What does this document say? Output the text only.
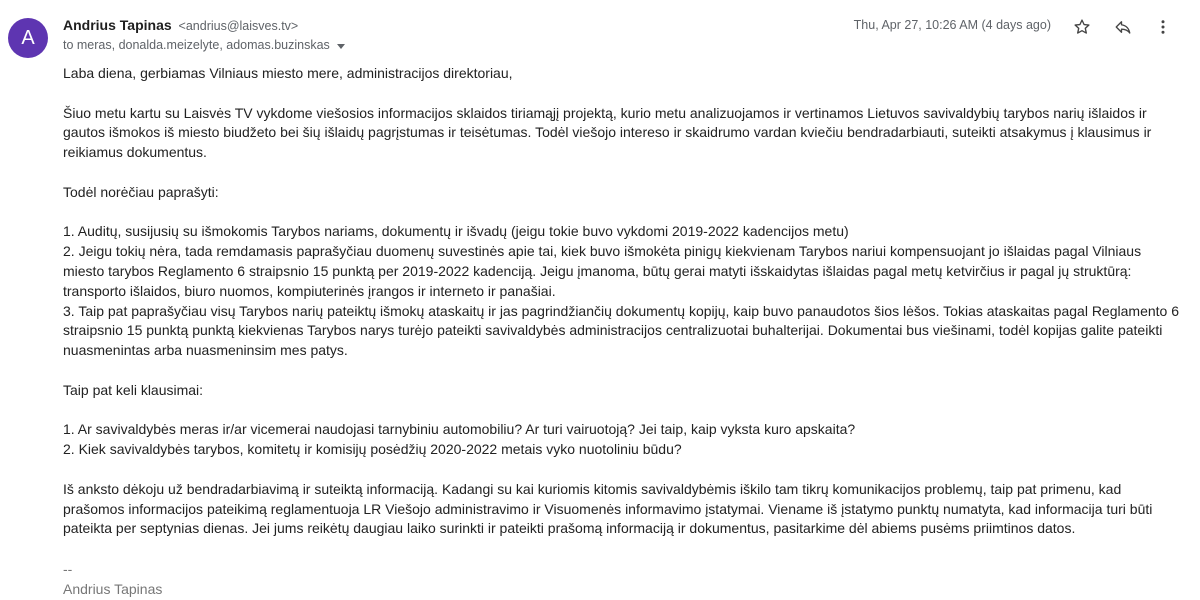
A
Andrius Tapinas <andrius@laisves.tv>
to meras, donalda.meizelyte, adomas.buzinskas
Thu, Apr 27, 10:26 AM (4 days ago)

Laba diena, gerbiamas Vilniaus miesto mere, administracijos direktoriau,

Šiuo metu kartu su Laisvės TV vykdome viešosios informacijos sklaidos tiriamąjį projektą, kurio metu analizuojamos ir vertinamos Lietuvos savivaldybių tarybos narių išlaidos ir gautos išmokos iš miesto biudžeto bei šių išlaidų pagrįstumas ir teisėtumas. Todėl viešojo intereso ir skaidrumo vardan kviečiu bendradarbiauti, suteikti atsakymus į klausimus ir reikiamus dokumentus.

Todėl norėčiau paprašyti:

1. Auditų, susijusių su išmokomis Tarybos nariams, dokumentų ir išvadų (jeigu tokie buvo vykdomi 2019-2022 kadencijos metu)
2. Jeigu tokių nėra, tada remdamasis paprašyčiau duomenų suvestinės apie tai, kiek buvo išmokėta pinigų kiekvienam Tarybos nariui kompensuojant jo išlaidas pagal Vilniaus miesto tarybos Reglamento 6 straipsnio 15 punktą per 2019-2022 kadenciją. Jeigu įmanoma, būtų gerai matyti išskaidytas išlaidas pagal metų ketvirčius ir pagal jų struktūrą: transporto išlaidos, biuro nuomos, kompiuterinės įrangos ir interneto ir panašiai.
3. Taip pat paprašyčiau visų Tarybos narių pateiktų išmokų ataskaitų ir jas pagrindžiančių dokumentų kopijų, kaip buvo panaudotos šios lėšos. Tokias ataskaitas pagal Reglamento 6 straipsnio 15 punktą punktą kiekvienas Tarybos narys turėjo pateikti savivaldybės administracijos centralizuotai buhalterijai. Dokumentai bus viešinami, todėl kopijas galite pateikti nuasmenintas arba nuasmeninsim mes patys.

Taip pat keli klausimai:

1. Ar savivaldybės meras ir/ar vicemerai naudojasi tarnybiniu automobiliu? Ar turi vairuotoją? Jei taip, kaip vyksta kuro apskaita?
2. Kiek savivaldybės tarybos, komitetų ir komisijų posėdžių 2020-2022 metais vyko nuotoliniu būdu?

Iš anksto dėkoju už bendradarbiavimą ir suteiktą informaciją. Kadangi su kai kuriomis kitomis savivaldybėmis iškilo tam tikrų komunikacijos problemų, taip pat primenu, kad prašomos informacijos pateikimą reglamentuoja LR Viešojo administravimo ir Visuomenės informavimo įstatymai. Viename iš įstatymo punktų numatyta, kad informacija turi būti pateikta per septynias dienas. Jei jums reikėtų daugiau laiko surinkti ir pateikti prašomą informaciją ir dokumentus, pasitarkime dėl abiems pusėms priimtinos datos.

--
Andrius Tapinas
